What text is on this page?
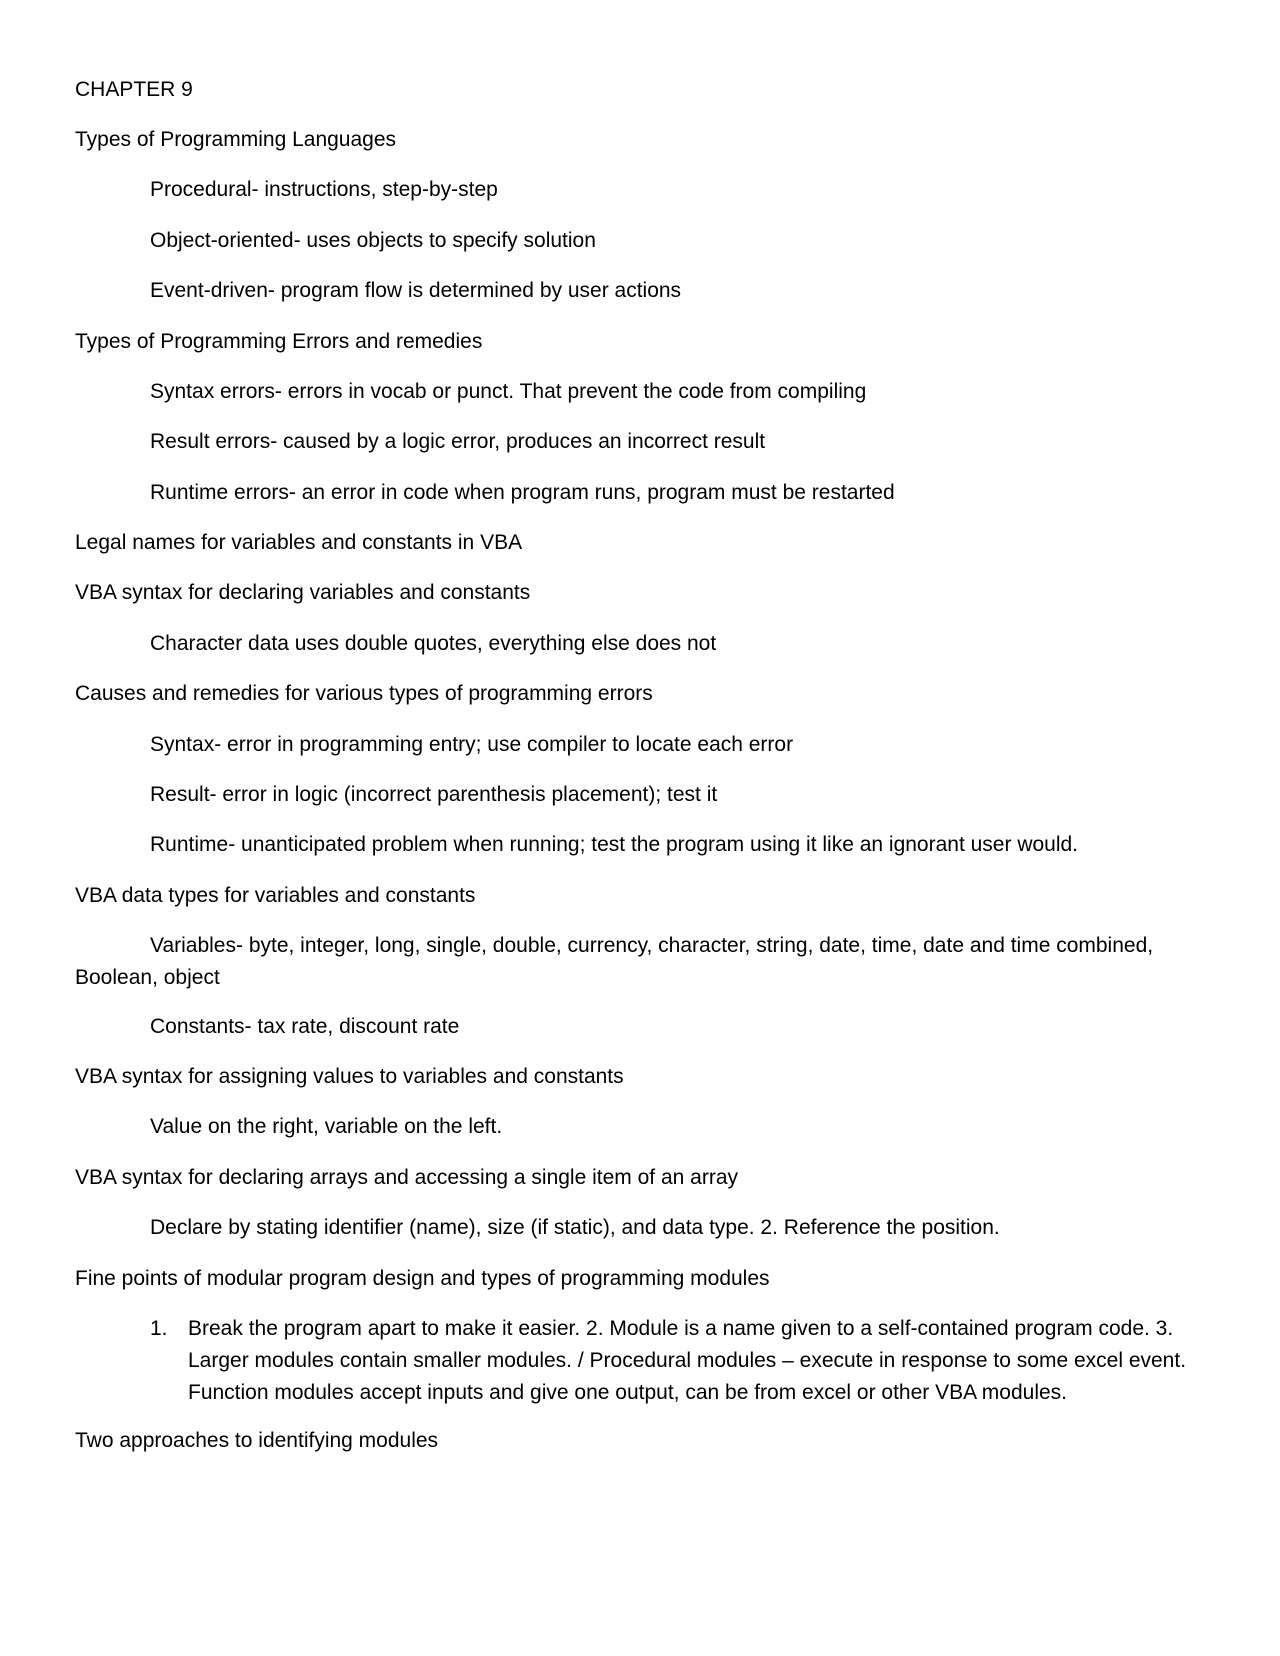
CHAPTER 9
Types of Programming Languages
Procedural- instructions, step-by-step
Object-oriented- uses objects to specify solution
Event-driven- program flow is determined by user actions
Types of Programming Errors and remedies
Syntax errors- errors in vocab or punct. That prevent the code from compiling
Result errors- caused by a logic error, produces an incorrect result
Runtime errors- an error in code when program runs, program must be restarted
Legal names for variables and constants in VBA
VBA syntax for declaring variables and constants
Character data uses double quotes, everything else does not
Causes and remedies for various types of programming errors
Syntax- error in programming entry; use compiler to locate each error
Result- error in logic (incorrect parenthesis placement); test it
Runtime- unanticipated problem when running; test the program using it like an ignorant user would.
VBA data types for variables and constants
Variables- byte, integer, long, single, double, currency, character, string, date, time, date and time combined, Boolean, object
Constants- tax rate, discount rate
VBA syntax for assigning values to variables and constants
Value on the right, variable on the left.
VBA syntax for declaring arrays and accessing a single item of an array
Declare by stating identifier (name), size (if static), and data type. 2. Reference the position.
Fine points of modular program design and types of programming modules
1. Break the program apart to make it easier. 2. Module is a name given to a self-contained program code. 3. Larger modules contain smaller modules. / Procedural modules – execute in response to some excel event. Function modules accept inputs and give one output, can be from excel or other VBA modules.
Two approaches to identifying modules
